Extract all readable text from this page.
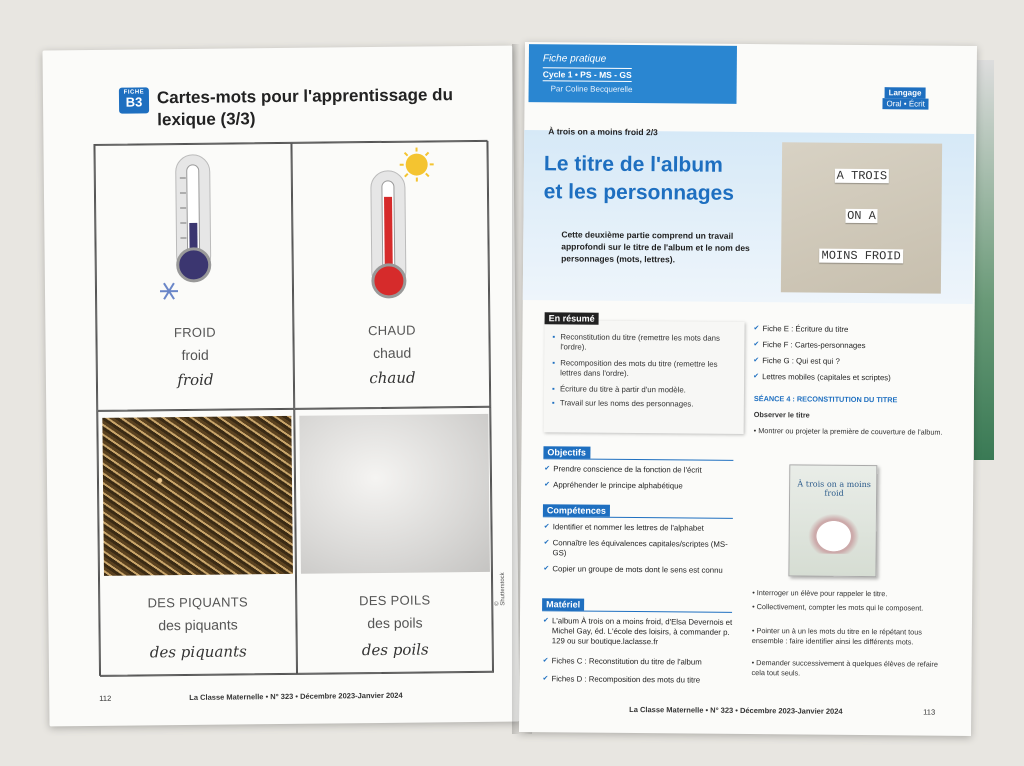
FICHE
B3 Cartes-mots pour l'apprentissage du lexique (3/3)
FROID
froid
froid
CHAUD
chaud
chaud
DES PIQUANTS
des piquants
des piquants
DES POILS
des poils
des poils
© Shutterstock
112	La Classe Maternelle • N° 323 • Décembre 2023-Janvier 2024
Fiche pratique
Cycle 1 • PS - MS - GS
Par Coline Becquerelle	Langage
Oral • Écrit
À trois on a moins froid 2/3
Le titre de l'album
et les personnages
Cette deuxième partie comprend un travail approfondi sur le titre de l'album et le nom des personnages (mots, lettres).
A TROIS
ON A
MOINS FROID
En résumé
▪ Reconstitution du titre (remettre les mots dans l'ordre).
▪ Recomposition des mots du titre (remettre les lettres dans l'ordre).
▪ Écriture du titre à partir d'un modèle.
▪ Travail sur les noms des personnages.
Objectifs
✔ Prendre conscience de la fonction de l'écrit
✔ Appréhender le principe alphabétique
Compétences
✔ Identifier et nommer les lettres de l'alphabet
✔ Connaître les équivalences capitales/scriptes (MS-GS)
✔ Copier un groupe de mots dont le sens est connu
Matériel
✔ L'album À trois on a moins froid, d'Elsa Devernois et Michel Gay, éd. L'école des loisirs, à commander p. 129 ou sur boutique.laclasse.fr
✔ Fiches C : Reconstitution du titre de l'album
✔ Fiches D : Recomposition des mots du titre
✔ Fiche E : Écriture du titre
✔ Fiche F : Cartes-personnages
✔ Fiche G : Qui est qui ?
✔ Lettres mobiles (capitales et scriptes)
SÉANCE 4 : RECONSTITUTION DU TITRE
Observer le titre
• Montrer ou projeter la première de couverture de l'album.
À trois on a moins froid
• Interroger un élève pour rappeler le titre.
• Collectivement, compter les mots qui le composent.
• Pointer un à un les mots du titre en le répétant tous ensemble : faire identifier ainsi les différents mots.
• Demander successivement à quelques élèves de refaire cela tout seuls.
La Classe Maternelle • N° 323 • Décembre 2023-Janvier 2024	113
